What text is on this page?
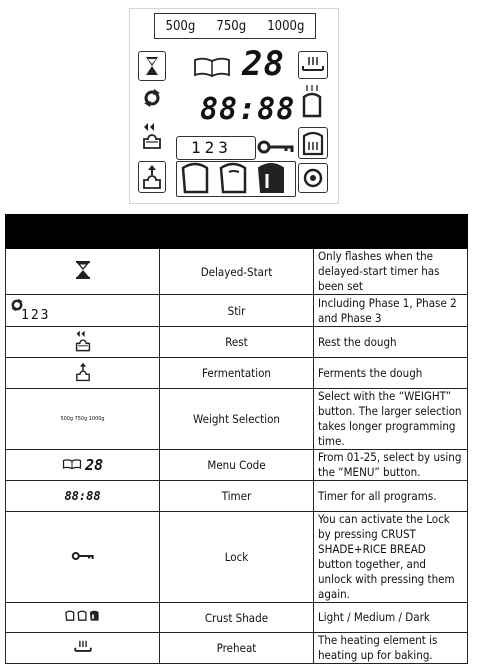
500g 750g 1000g
28
88:88
123

	Delayed-Start	Only flashes when the delayed-start timer has been set

123	Stir	Including Phase 1, Phase 2 and Phase 3
	Rest	Rest the dough
	Fermentation	Ferments the dough
500g 750g 1000g	Weight Selection	Select with the “WEIGHT” button. The larger selection takes longer programming time.
28	Menu Code	From 01-25, select by using the “MENU” button.
88:88	Timer	Timer for all programs.
	Lock	You can activate the Lock by pressing CRUST SHADE+RICE BREAD button together, and unlock with pressing them again.
	Crust Shade	Light / Medium / Dark
	Preheat	The heating element is heating up for baking.
